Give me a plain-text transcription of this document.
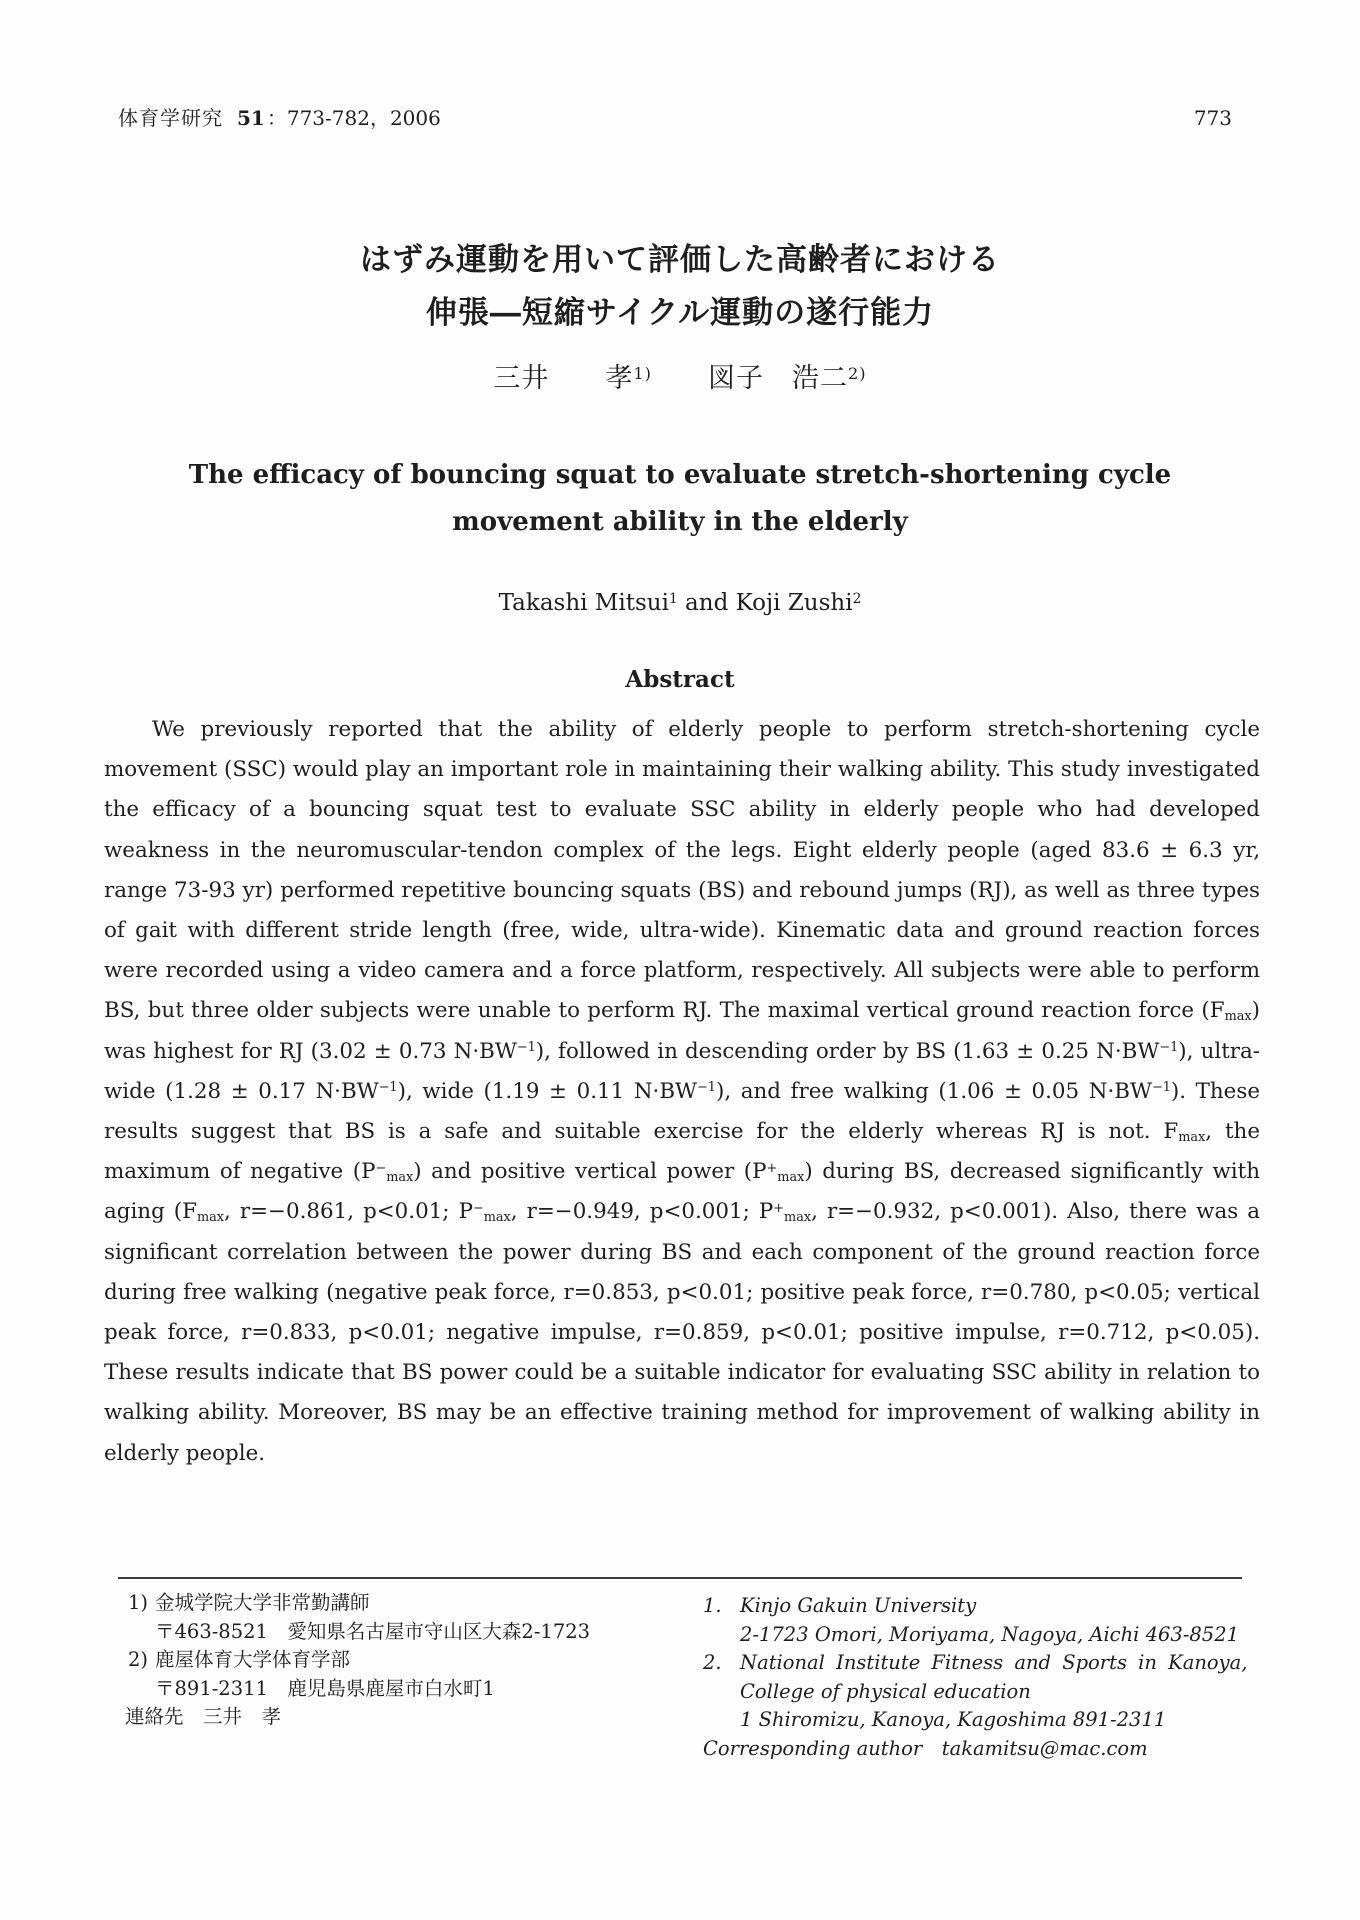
体育学研究 51 ：773-782，2006	773
はずみ運動を用いて評価した高齢者における
伸張―短縮サイクル運動の遂行能力
三井　　孝$^{1)}$　　図子　浩二$^{2)}$
The efficacy of bouncing squat to evaluate stretch-shortening cycle
movement ability in the elderly
Takashi Mitsui$^1$ and Koji Zushi$^2$
Abstract

We previously reported that the ability of elderly people to perform stretch-shortening cycle movement (SSC) would play an important role in maintaining their walking ability. This study investigated the efficacy of a bouncing squat test to evaluate SSC ability in elderly people who had developed weakness in the neuromuscular-tendon complex of the legs. Eight elderly people (aged 83.6 ± 6.3 yr, range 73-93 yr) performed repetitive bouncing squats (BS) and rebound jumps (RJ), as well as three types of gait with different stride length (free, wide, ultra-wide). Kinematic data and ground reaction forces were recorded using a video camera and a force platform, respectively. All subjects were able to perform BS, but three older subjects were unable to perform RJ. The maximal vertical ground reaction force $(F_{max})$ was highest for RJ (3.02 ± 0.73 $N\cdot BW^{-1}$), followed in descending order by BS (1.63 ± 0.25 $N\cdot BW^{-1}$), ultra-wide (1.28 ± 0.17 $N\cdot BW^{-1}$), wide (1.19 ± 0.11 $N\cdot BW^{-1}$), and free walking (1.06 ± 0.05 $N\cdot BW^{-1}$). These results suggest that BS is a safe and suitable exercise for the elderly whereas RJ is not. $F_{max}$, the maximum of negative $(P^-_{max})$ and positive vertical power $(P^+_{max})$ during BS, decreased significantly with aging ($F_{max}$, r=−0.861, p<0.01; $P^-_{max}$, r=−0.949, p<0.001; $P^+_{max}$, r=−0.932, p<0.001). Also, there was a significant correlation between the power during BS and each component of the ground reaction force during free walking (negative peak force, r=0.853, p<0.01; positive peak force, r=0.780, p<0.05; vertical peak force, r=0.833, p<0.01; negative impulse, r=0.859, p<0.01; positive impulse, r=0.712, p<0.05). These results indicate that BS power could be a suitable indicator for evaluating SSC ability in relation to walking ability. Moreover, BS may be an effective training method for improvement of walking ability in elderly people.

1) 金城学院大学非常勤講師
〒463-8521　愛知県名古屋市守山区大森2-1723
2) 鹿屋体育大学体育学部
〒891-2311　鹿児島県鹿屋市白水町1
連絡先　三井　孝
1. Kinjo Gakuin University
2-1723 Omori, Moriyama, Nagoya, Aichi 463-8521
2. National Institute Fitness and Sports in Kanoya,
College of physical education
1 Shiromizu, Kanoya, Kagoshima 891-2311
Corresponding author　takamitsu@mac.com
